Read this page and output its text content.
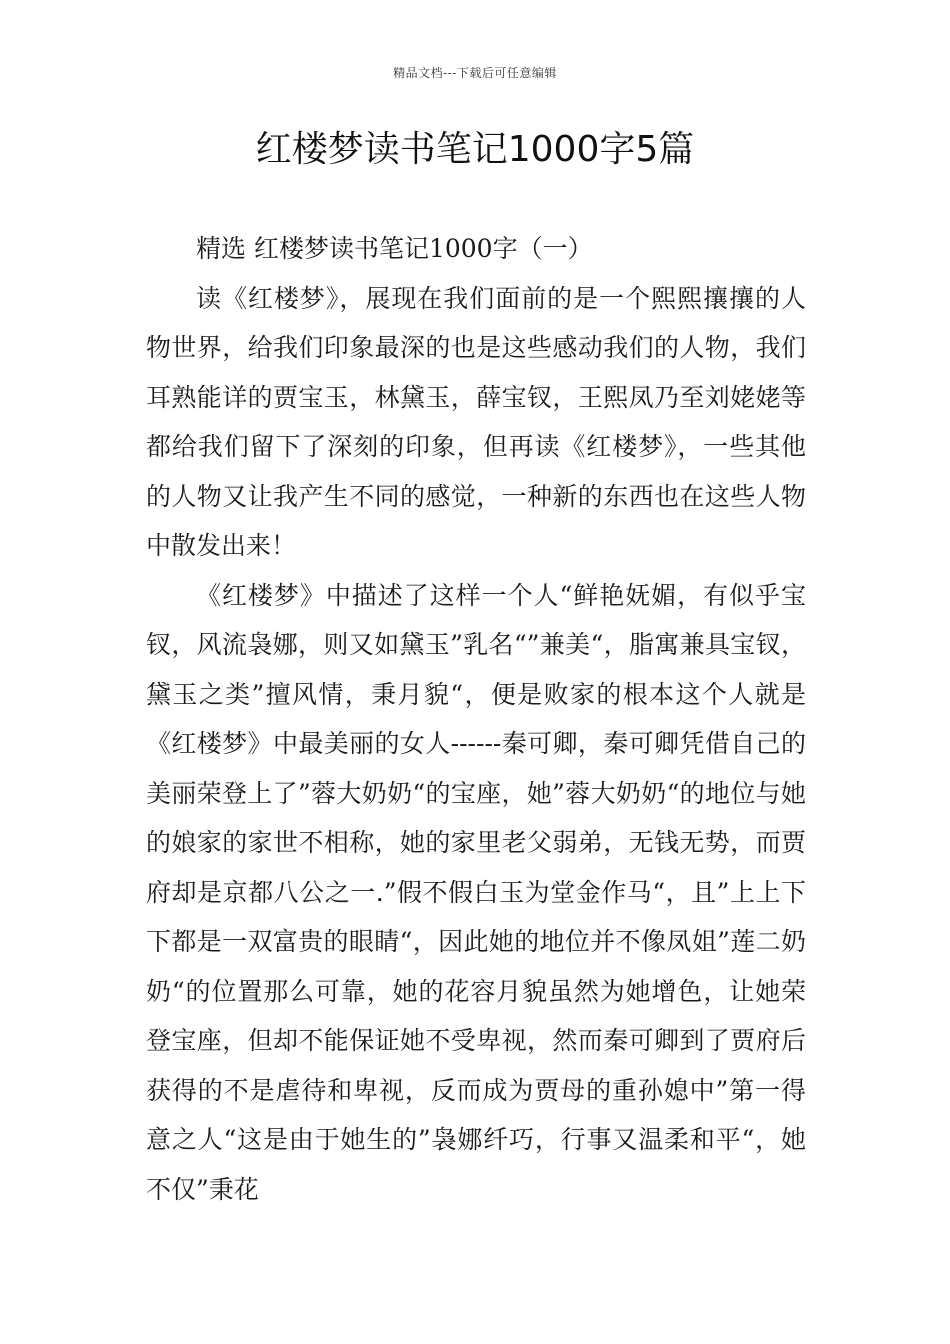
精品文档---下载后可任意编辑
红楼梦读书笔记1000字5篇

精选 红楼梦读书笔记1000字（一）

读《红楼梦》，展现在我们面前的是一个熙熙攘攘的人物世界，给我们印象最深的也是这些感动我们的人物，我们耳熟能详的贾宝玉，林黛玉，薛宝钗，王熙凤乃至刘姥姥等都给我们留下了深刻的印象，但再读《红楼梦》，一些其他的人物又让我产生不同的感觉，一种新的东西也在这些人物中散发出来！

《红楼梦》中描述了这样一个人“鲜艳妩媚，有似乎宝钗，风流袅娜，则又如黛玉”乳名“”兼美“，脂寓兼具宝钗，黛玉之类”擅风情，秉月貌“，便是败家的根本这个人就是《红楼梦》中最美丽的女人------秦可卿，秦可卿凭借自己的美丽荣登上了”蓉大奶奶“的宝座，她”蓉大奶奶“的地位与她的娘家的家世不相称，她的家里老父弱弟，无钱无势，而贾府却是京都八公之一.”假不假白玉为堂金作马“，且”上上下下都是一双富贵的眼睛“，因此她的地位并不像凤姐”莲二奶奶“的位置那么可靠，她的花容月貌虽然为她增色，让她荣登宝座，但却不能保证她不受卑视，然而秦可卿到了贾府后获得的不是虐待和卑视，反而成为贾母的重孙媳中”第一得意之人“这是由于她生的”袅娜纤巧，行事又温柔和平“，她不仅”秉花
